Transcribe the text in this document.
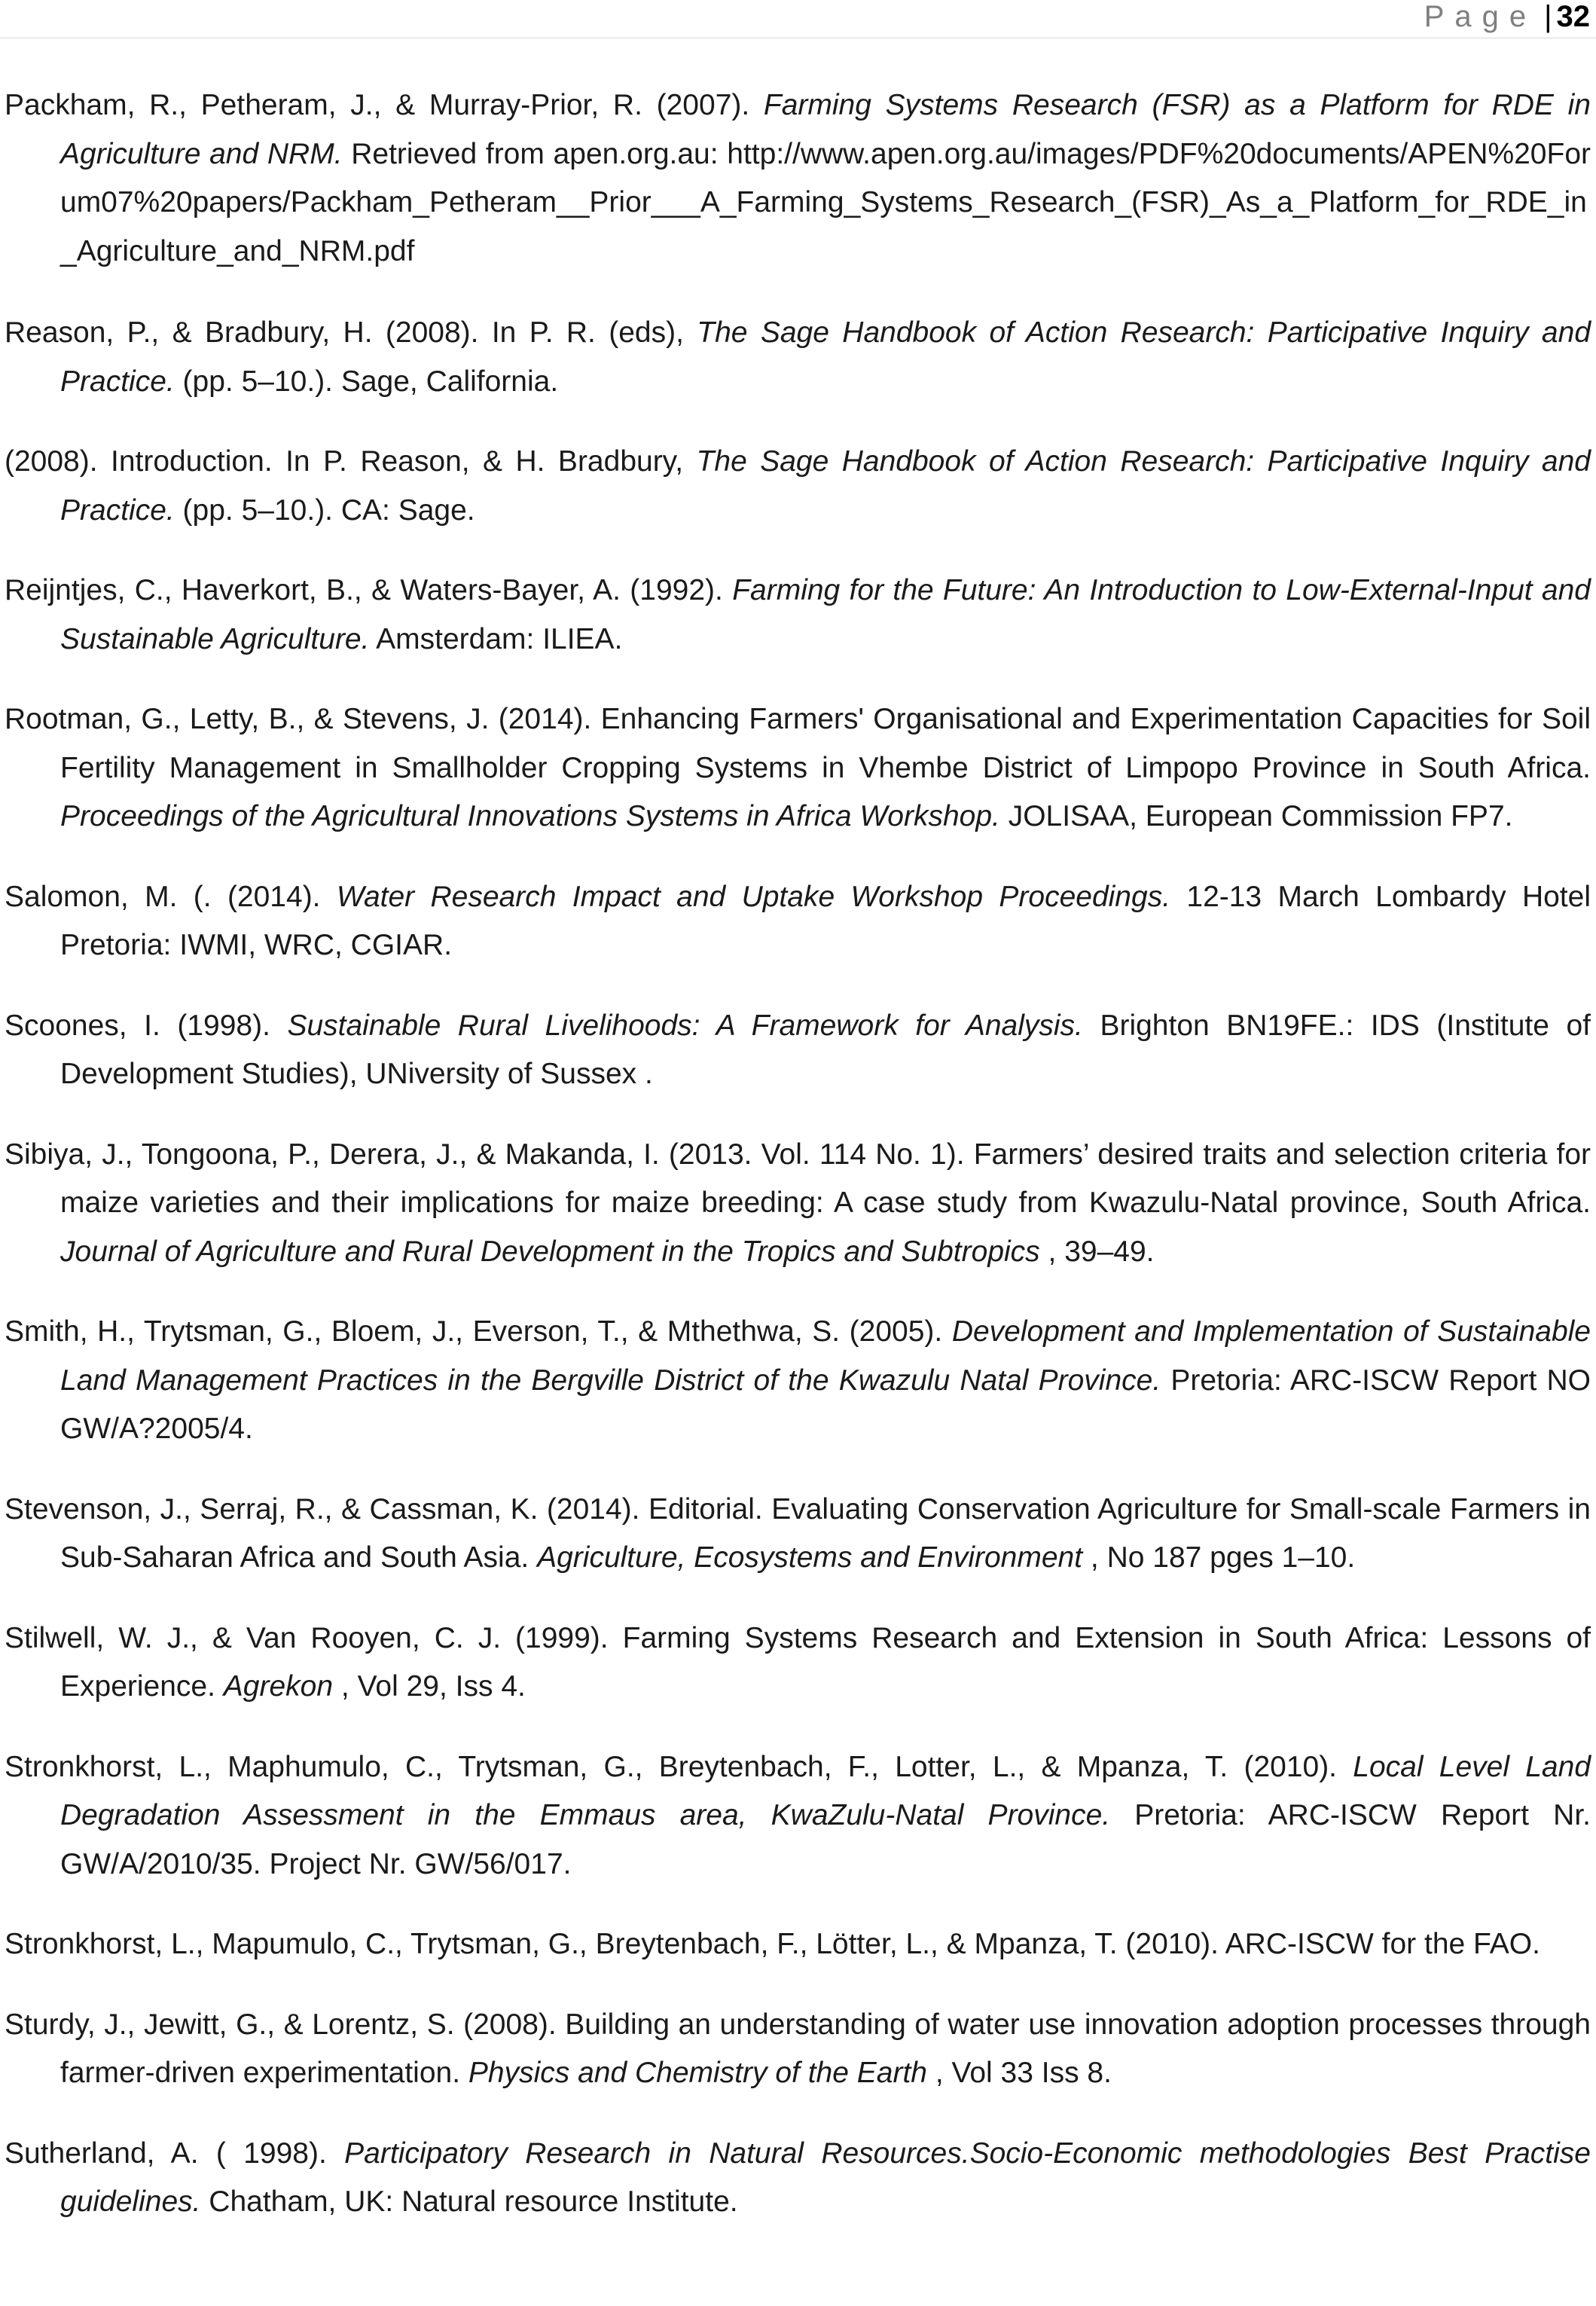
Page | 32

Packham, R., Petheram, J., & Murray-Prior, R. (2007). Farming Systems Research (FSR) as a Platform for RDE in Agriculture and NRM. Retrieved from apen.org.au: http://www.apen.org.au/images/PDF%20documents/APEN%20Forum07%20papers/Packham_Petheram__Prior___A_Farming_Systems_Research_(FSR)_As_a_Platform_for_RDE_in_Agriculture_and_NRM.pdf

Reason, P., & Bradbury, H. (2008). In P. R. (eds), The Sage Handbook of Action Research: Participative Inquiry and Practice. (pp. 5–10.). Sage, California.

(2008). Introduction. In P. Reason, & H. Bradbury, The Sage Handbook of Action Research: Participative Inquiry and Practice. (pp. 5–10.). CA: Sage.

Reijntjes, C., Haverkort, B., & Waters-Bayer, A. (1992). Farming for the Future: An Introduction to Low-External-Input and Sustainable Agriculture. Amsterdam: ILIEA.

Rootman, G., Letty, B., & Stevens, J. (2014). Enhancing Farmers' Organisational and Experimentation Capacities for Soil Fertility Management in Smallholder Cropping Systems in Vhembe District of Limpopo Province in South Africa. Proceedings of the Agricultural Innovations Systems in Africa Workshop. JOLISAA, European Commission FP7.

Salomon, M. (. (2014). Water Research Impact and Uptake Workshop Proceedings. 12-13 March Lombardy Hotel Pretoria: IWMI, WRC, CGIAR.

Scoones, I. (1998). Sustainable Rural Livelihoods: A Framework for Analysis. Brighton BN19FE.: IDS (Institute of Development Studies), UNiversity of Sussex .

Sibiya, J., Tongoona, P., Derera, J., & Makanda, I. (2013. Vol. 114 No. 1). Farmers’ desired traits and selection criteria for maize varieties and their implications for maize breeding: A case study from Kwazulu-Natal province, South Africa. Journal of Agriculture and Rural Development in the Tropics and Subtropics , 39–49.

Smith, H., Trytsman, G., Bloem, J., Everson, T., & Mthethwa, S. (2005). Development and Implementation of Sustainable Land Management Practices in the Bergville District of the Kwazulu Natal Province. Pretoria: ARC-ISCW Report NO GW/A?2005/4.

Stevenson, J., Serraj, R., & Cassman, K. (2014). Editorial. Evaluating Conservation Agriculture for Small-scale Farmers in Sub-Saharan Africa and South Asia. Agriculture, Ecosystems and Environment , No 187 pges 1–10.

Stilwell, W. J., & Van Rooyen, C. J. (1999). Farming Systems Research and Extension in South Africa: Lessons of Experience. Agrekon , Vol 29, Iss 4.

Stronkhorst, L., Maphumulo, C., Trytsman, G., Breytenbach, F., Lotter, L., & Mpanza, T. (2010). Local Level Land Degradation Assessment in the Emmaus area, KwaZulu-Natal Province. Pretoria: ARC-ISCW Report Nr. GW/A/2010/35. Project Nr. GW/56/017.

Stronkhorst, L., Mapumulo, C., Trytsman, G., Breytenbach, F., Lötter, L., & Mpanza, T. (2010). ARC-ISCW for the FAO.

Sturdy, J., Jewitt, G., & Lorentz, S. (2008). Building an understanding of water use innovation adoption processes through farmer-driven experimentation. Physics and Chemistry of the Earth , Vol 33 Iss 8.

Sutherland, A. ( 1998). Participatory Research in Natural Resources.Socio-Economic methodologies Best Practise guidelines. Chatham, UK: Natural resource Institute.
